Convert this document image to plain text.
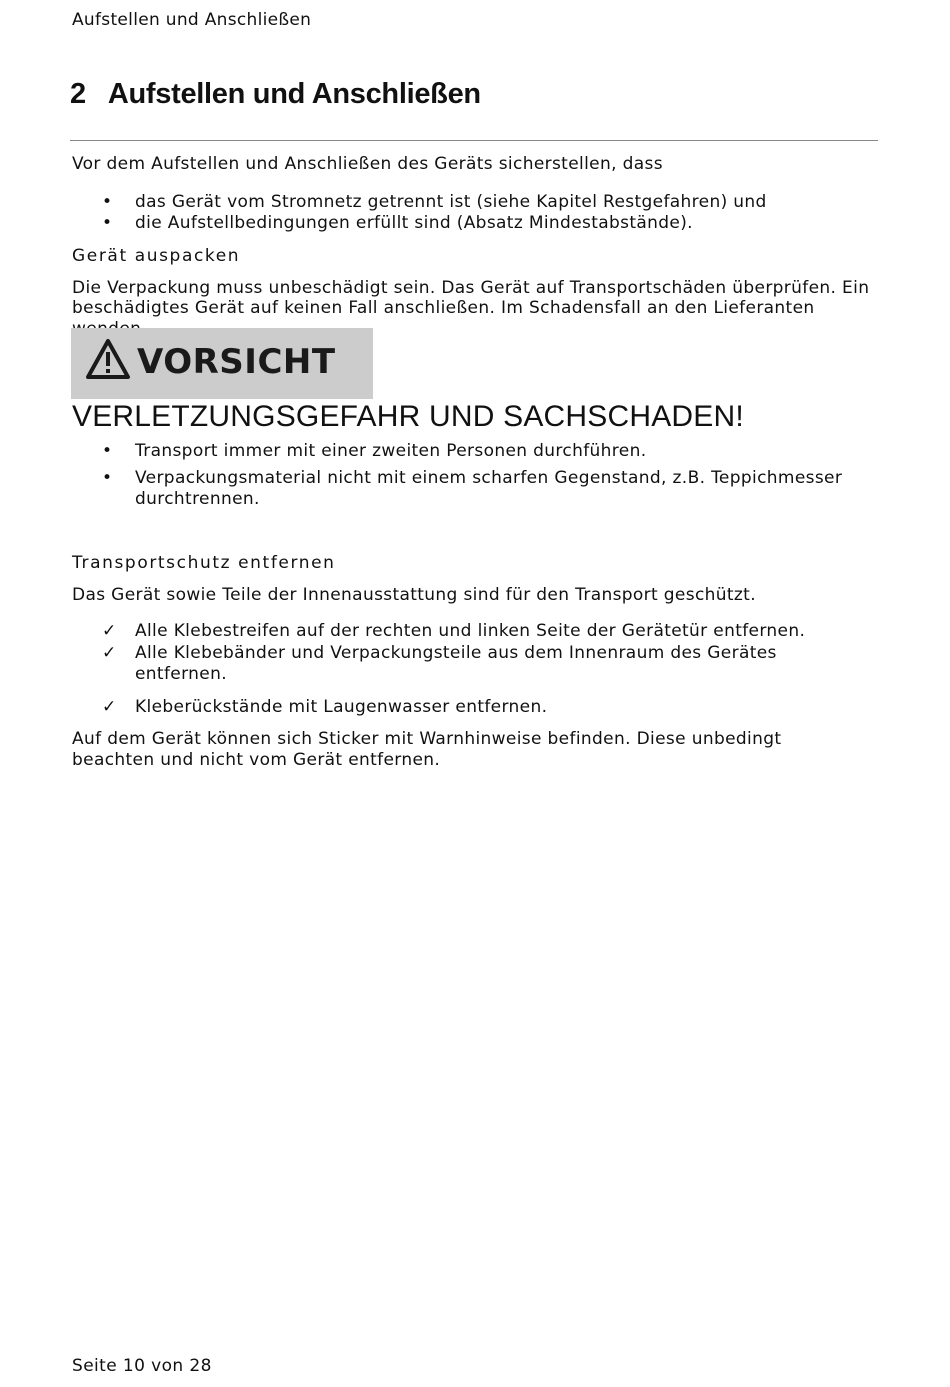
Aufstellen und Anschließen
2 Aufstellen und Anschließen
Vor dem Aufstellen und Anschließen des Geräts sicherstellen, dass
•	das Gerät vom Stromnetz getrennt ist (siehe Kapitel Restgefahren) und
•	die Aufstellbedingungen erfüllt sind (Absatz Mindestabstände).
Gerät auspacken
Die Verpackung muss unbeschädigt sein. Das Gerät auf Transportschäden überprüfen. Ein
beschädigtes Gerät auf keinen Fall anschließen. Im Schadensfall an den Lieferanten
VORSICHT
VERLETZUNGSGEFAHR UND SACHSCHADEN!
•	Transport immer mit einer zweiten Personen durchführen.
•	Verpackungsmaterial nicht mit einem scharfen Gegenstand, z.B. Teppichmesser
durchtrennen.
Transportschutz entfernen
Das Gerät sowie Teile der Innenausstattung sind für den Transport geschützt.
✓	Alle Klebestreifen auf der rechten und linken Seite der Gerätetür entfernen.
✓	Alle Klebebänder und Verpackungsteile aus dem Innenraum des Gerätes
entfernen.
✓	Kleberückstände mit Laugenwasser entfernen.
Auf dem Gerät können sich Sticker mit Warnhinweise befinden. Diese unbedingt
beachten und nicht vom Gerät entfernen.
Seite 10 von 28
